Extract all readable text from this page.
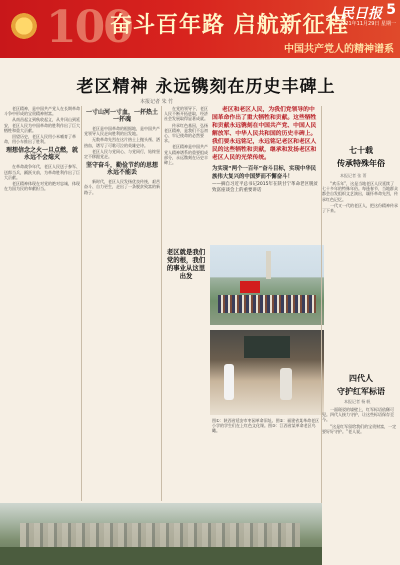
100
奋斗百年路 启航新征程
人民日报 5
2021年11月29日 星期一
中国共产党人的精神谱系
老区精神 永远镌刻在历史丰碑上
本报记者 朱 竹

老区精神，是中国共产党人在长期革命斗争中形成的宝贵精神财富。

从南昌起义到秋收起义，从井冈山到延安，老区人民为中国革命的胜利作出了巨大牺牲和重大贡献。

回望历史，老区人民用小米哺育了革命，用小车推出了胜利。

理想信念之火一旦点燃，就永远不会熄灭

在革命战争年代，老区人民送子参军、送郎当兵，踊跃支前，为革命胜利作出了巨大贡献。

老区精神体现在对党的绝对忠诚，体现在为国为民的奉献担当。

一寸山河一寸血，一抔热土一抔魂

老区是中国革命的根据地，是中国共产党领导人民走向胜利的出发地。

无数革命先烈在这片热土上抛头颅、洒热血，谱写了可歌可泣的英雄史诗。

老区人民与党同心、与党同行，始终坚定不移跟党走。

坚守奋斗，勤俭节约的思想永远不能丢

新时代，老区人民发扬优良传统，艰苦奋斗、自力更生，走出了一条脱贫致富的新路子。

在党的领导下，老区人民不断开拓进取，经济社会发展取得显著成就。

传承红色基因，弘扬老区精神，是我们不忘初心、牢记使命的必然要求。

老区精神是中国共产党人精神谱系的重要组成部分，永远镌刻在历史丰碑上。

老区和老区人民，为我们党领导的中国革命作出了重大牺牲和贡献。这些牺牲和贡献永远镌刻在中国共产党、中国人民解放军、中华人民共和国的历史丰碑上。我们要永远铭记，永远铭记老区和老区人民的这些牺牲和贡献，继承和发扬老区和老区人民的光荣传统。

为实现“两个一百年”奋斗目标，实现中华民族伟大复兴的中国梦而不懈奋斗！
——摘自习近平总书记2015年在陕甘宁革命老区脱贫致富座谈会上的重要讲话

老区就是我们党的根，我们的事业从这里出发
图①：陕西省延安市枣园革命旧址。图②：福建省某革命老区小学的学生们在上红色文化课。图③：江西省某革命老区鸟瞰。
七十载
传承特殊年俗
本报记者 张 菁

“欢乐年”，这是当地老区人民延续了七十多年的特殊年俗。每逢春节，当地群众都会自发组织文艺演出，缅怀革命先烈，传承红色记忆。

一代又一代的老区人，把这份精神传承了下来。

四代人
守护红军标语
本报记者 杨 帆

一面斑驳的墙壁上，红军标语依稀可见。四代人接力守护，让这些标语保存至今。

“这是红军留给我们的宝贵财富，一定要好好守护。”老人说。
